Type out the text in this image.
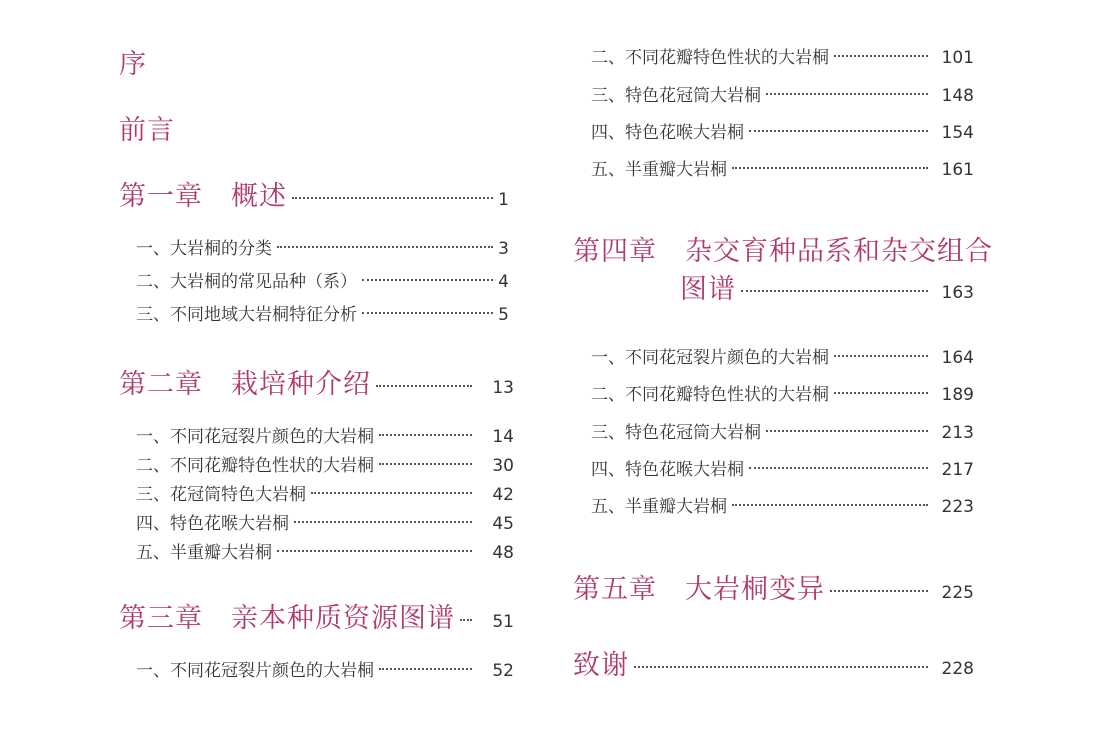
序
前言
第一章　概述	1
一、大岩桐的分类	3
二、大岩桐的常见品种（系）	4
三、不同地域大岩桐特征分析	5
第二章　栽培种介绍	13
一、不同花冠裂片颜色的大岩桐	14
二、不同花瓣特色性状的大岩桐	30
三、花冠筒特色大岩桐	42
四、特色花喉大岩桐	45
五、半重瓣大岩桐	48
第三章　亲本种质资源图谱 51
一、不同花冠裂片颜色的大岩桐	52
二、不同花瓣特色性状的大岩桐	101
三、特色花冠筒大岩桐	148
四、特色花喉大岩桐	154
五、半重瓣大岩桐	161
第四章　杂交育种品系和杂交组合
图谱	163
一、不同花冠裂片颜色的大岩桐	164
二、不同花瓣特色性状的大岩桐	189
三、特色花冠筒大岩桐	213
四、特色花喉大岩桐	217
五、半重瓣大岩桐	223
第五章　大岩桐变异	225
致谢	228
